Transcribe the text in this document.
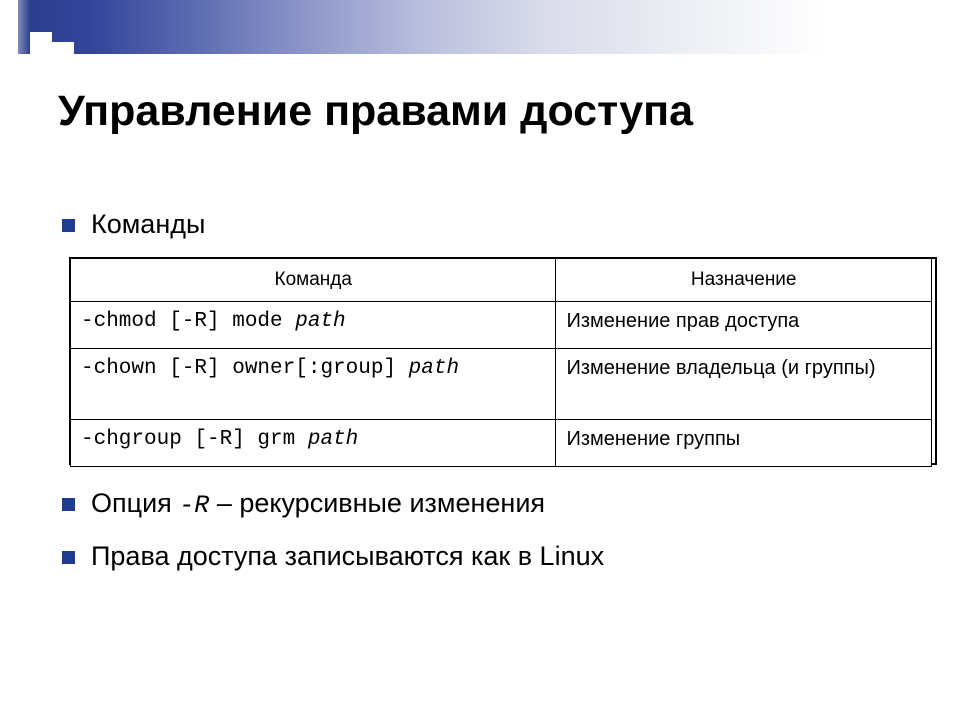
Управление правами доступа
Команды
Команда	Назначение
-chmod [-R] mode path	Изменение прав доступа
-chown [-R] owner[:group] path	Изменение владельца (и группы)
-chgroup [-R] grm path	Изменение группы
Опция -R – рекурсивные изменения
Права доступа записываются как в Linux
